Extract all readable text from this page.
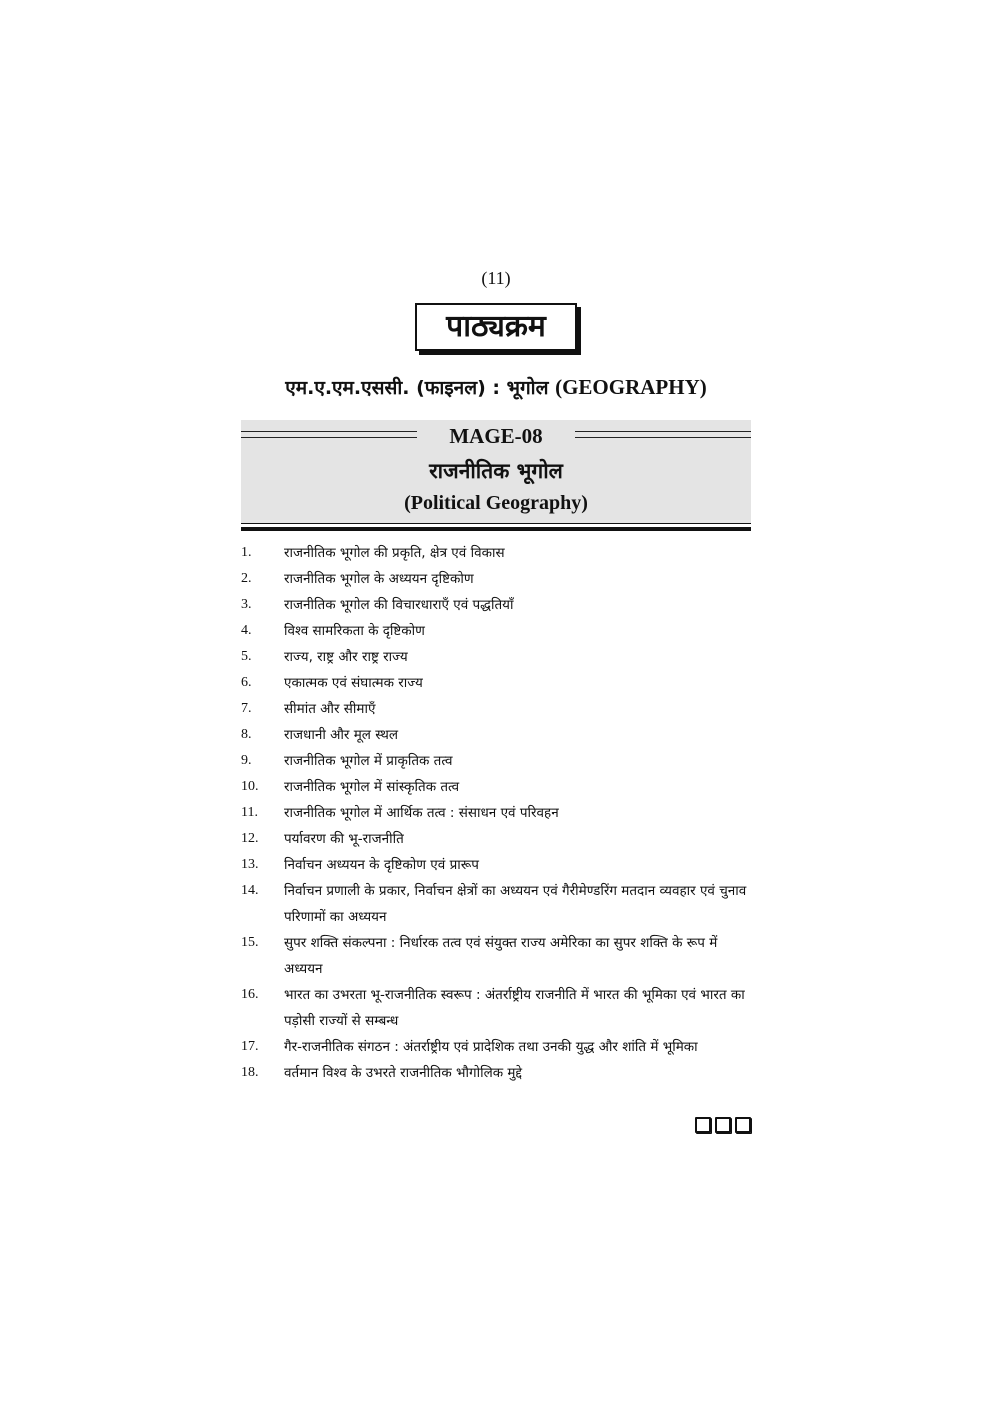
(11)
पाठ्यक्रम
एम.ए.एम.एससी. (फाइनल) : भूगोल (GEOGRAPHY)
MAGE-08
राजनीतिक भूगोल
(Political Geography)
1.	राजनीतिक भूगोल की प्रकृति, क्षेत्र एवं विकास
2.	राजनीतिक भूगोल के अध्ययन दृष्टिकोण
3.	राजनीतिक भूगोल की विचारधाराएँ एवं पद्धतियाँ
4.	विश्व सामरिकता के दृष्टिकोण
5.	राज्य, राष्ट्र और राष्ट्र राज्य
6.	एकात्मक एवं संघात्मक राज्य
7.	सीमांत और सीमाएँ
8.	राजधानी और मूल स्थल
9.	राजनीतिक भूगोल में प्राकृतिक तत्व
10.	राजनीतिक भूगोल में सांस्कृतिक तत्व
11.	राजनीतिक भूगोल में आर्थिक तत्व : संसाधन एवं परिवहन
12.	पर्यावरण की भू-राजनीति
13.	निर्वाचन अध्ययन के दृष्टिकोण एवं प्रारूप
14.	निर्वाचन प्रणाली के प्रकार, निर्वाचन क्षेत्रों का अध्ययन एवं गैरीमेण्डरिंग मतदान व्यवहार एवं चुनाव परिणामों का अध्ययन
15.	सुपर शक्ति संकल्पना : निर्धारक तत्व एवं संयुक्त राज्य अमेरिका का सुपर शक्ति के रूप में अध्ययन
16.	भारत का उभरता भू-राजनीतिक स्वरूप : अंतर्राष्ट्रीय राजनीति में भारत की भूमिका एवं भारत का पड़ोसी राज्यों से सम्बन्ध
17.	गैर-राजनीतिक संगठन : अंतर्राष्ट्रीय एवं प्रादेशिक तथा उनकी युद्ध और शांति में भूमिका
18.	वर्तमान विश्व के उभरते राजनीतिक भौगोलिक मुद्दे
